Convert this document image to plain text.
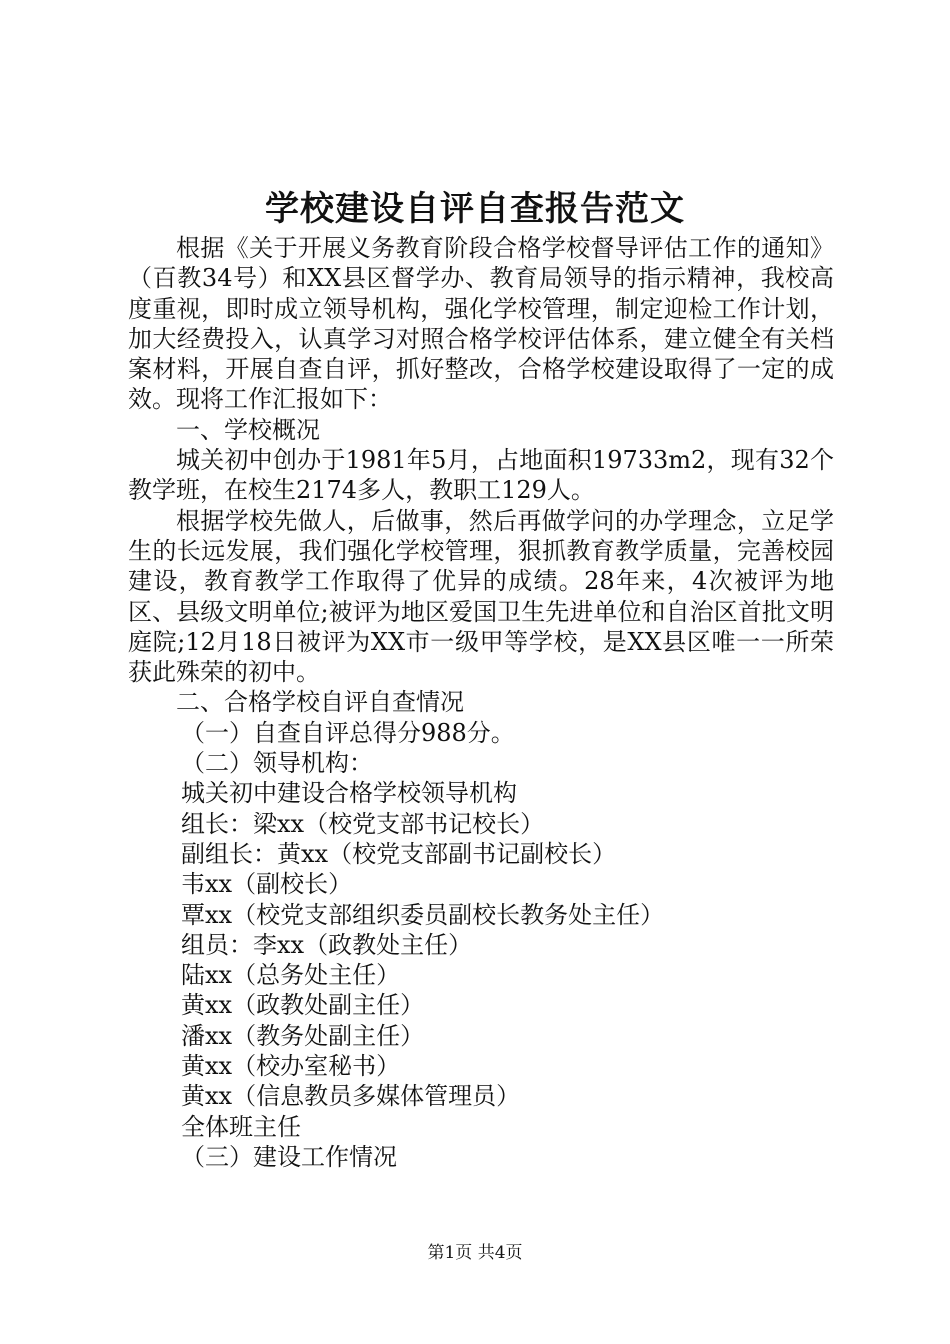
学校建设自评自查报告范文

根据《关于开展义务教育阶段合格学校督导评估工作的通知》（百教34号）和XX县区督学办、教育局领导的指示精神，我校高度重视，即时成立领导机构，强化学校管理，制定迎检工作计划，加大经费投入，认真学习对照合格学校评估体系，建立健全有关档案材料，开展自查自评，抓好整改，合格学校建设取得了一定的成效。现将工作汇报如下：

一、学校概况

城关初中创办于1981年5月，占地面积19733m2，现有32个教学班，在校生2174多人，教职工129人。

根据学校先做人，后做事，然后再做学问的办学理念，立足学生的长远发展，我们强化学校管理，狠抓教育教学质量，完善校园建设，教育教学工作取得了优异的成绩。28年来，4次被评为地区、县级文明单位;被评为地区爱国卫生先进单位和自治区首批文明庭院;12月18日被评为XX市一级甲等学校，是XX县区唯一一所荣获此殊荣的初中。

二、合格学校自评自查情况

（一）自查自评总得分988分。

（二）领导机构：

城关初中建设合格学校领导机构

组长：梁xx（校党支部书记校长）

副组长：黄xx（校党支部副书记副校长）

韦xx（副校长）

覃xx（校党支部组织委员副校长教务处主任）

组员：李xx（政教处主任）

陆xx（总务处主任）

黄xx（政教处副主任）

潘xx（教务处副主任）

黄xx（校办室秘书）

黄xx（信息教员多媒体管理员）

全体班主任

（三）建设工作情况

第1页 共4页
